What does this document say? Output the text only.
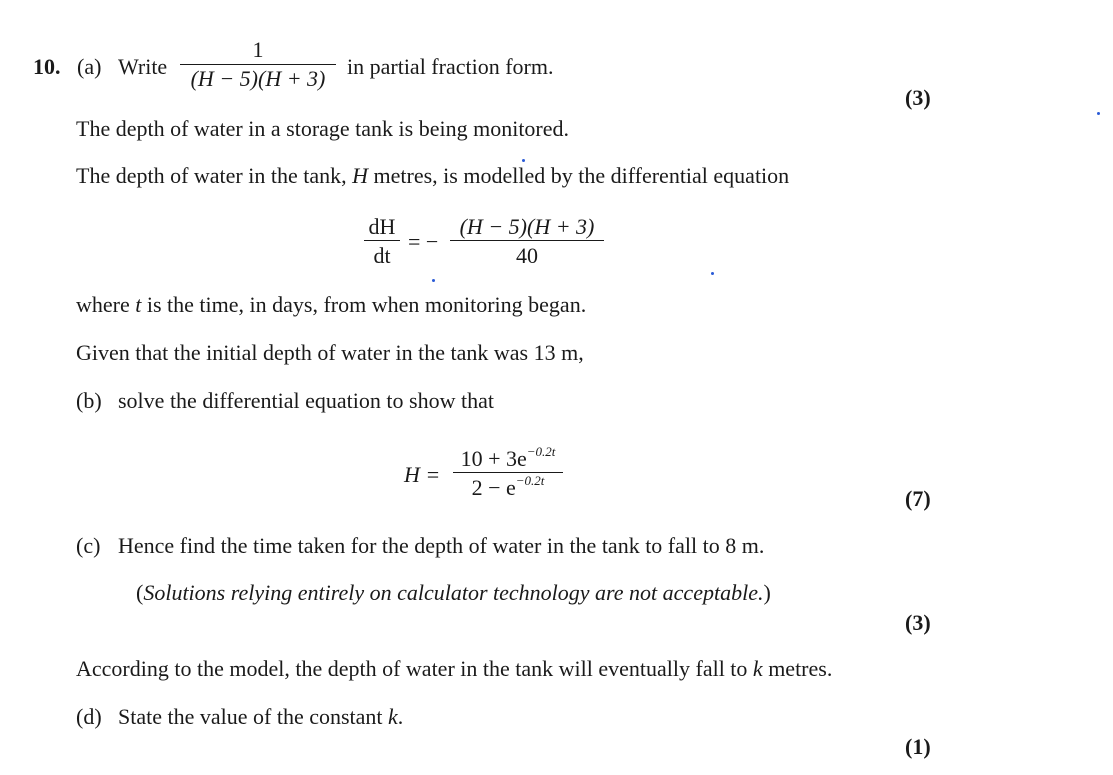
10. (a) Write
1
(H − 5)(H + 3) in partial fraction form.
(3)
The depth of water in a storage tank is being monitored.
The depth of water in the tank, H metres, is modelled by the differential equation
dH
dt
= −
(H − 5)(H + 3)
40
where t is the time, in days, from when monitoring began.
Given that the initial depth of water in the tank was 13 m,
(b) solve the differential equation to show that
H =
$10 + 3e^{-0.2t}$
$2 - e^{-0.2t}$
(7)
(c) Hence find the time taken for the depth of water in the tank to fall to 8 m.
(Solutions relying entirely on calculator technology are not acceptable.)
(3)
According to the model, the depth of water in the tank will eventually fall to k metres.
(d) State the value of the constant k.
(1)
